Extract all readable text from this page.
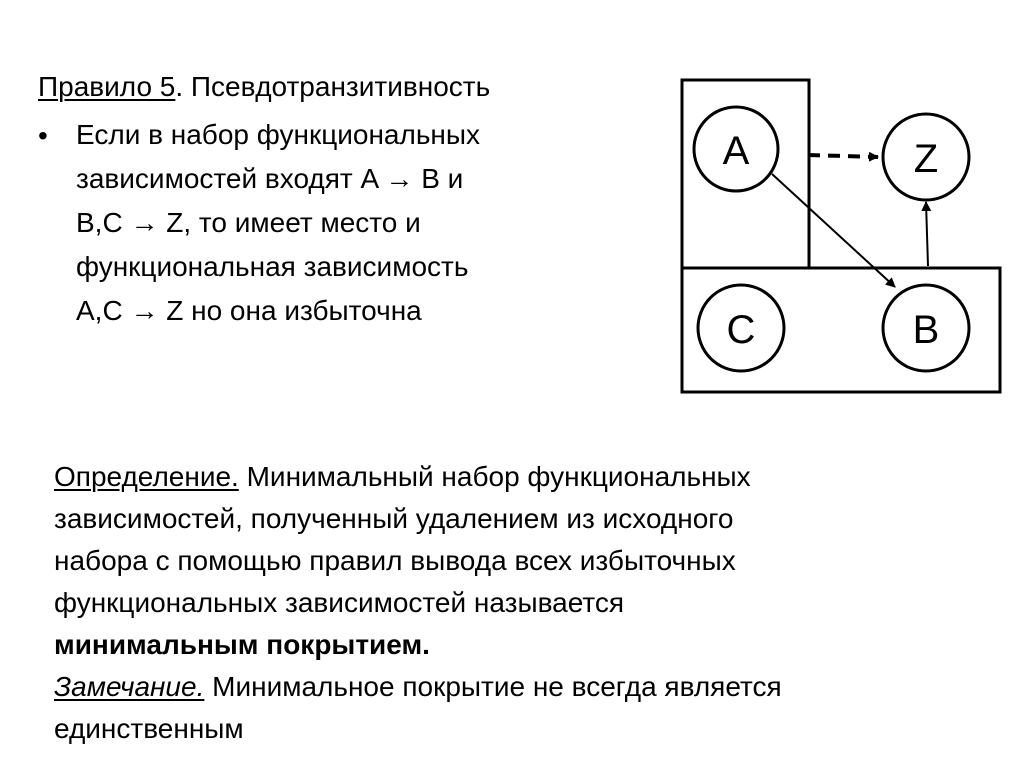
Правило 5. Псевдотранзитивность
• Если в набор функциональных
зависимостей входят A → B и
B,C → Z, то имеет место и
функциональная зависимость
A,C → Z но она избыточна
A	Z
C	B
Определение. Минимальный набор функциональных
зависимостей, полученный удалением из исходного
набора с помощью правил вывода всех избыточных
функциональных зависимостей называется
минимальным покрытием.
Замечание. Минимальное покрытие не всегда является
единственным
